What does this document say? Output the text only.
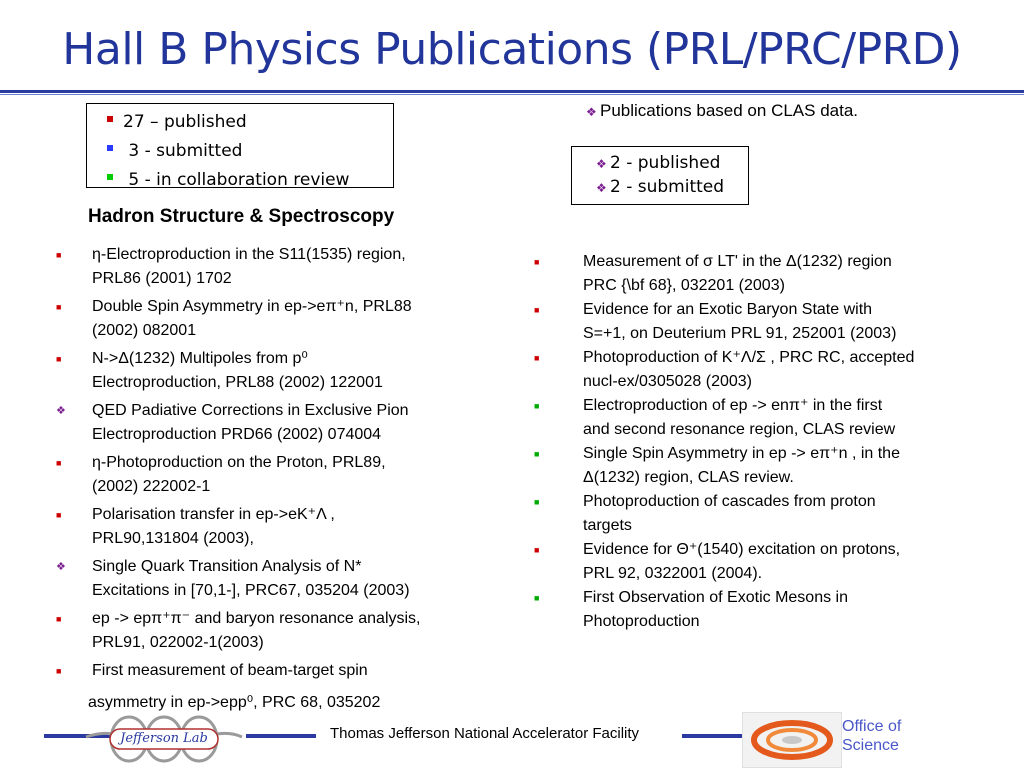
Hall B Physics Publications (PRL/PRC/PRD)
27 – published
3 - submitted
5 - in collaboration review
❖ Publications based on CLAS data.
❖ 2 - published
❖ 2 - submitted
Hadron Structure & Spectroscopy
■ η-Electroproduction in the S11(1535) region,
PRL86 (2001) 1702
■ Double Spin Asymmetry in ep->eπ⁺n, PRL88
(2002) 082001
■ N->Δ(1232) Multipoles from p⁰
Electroproduction, PRL88 (2002) 122001
❖ QED Padiative Corrections in Exclusive Pion
Electroproduction PRD66 (2002) 074004
■ η-Photoproduction on the Proton, PRL89,
(2002) 222002-1
■ Polarisation transfer in ep->eK⁺Λ ,
PRL90,131804 (2003),
❖ Single Quark Transition Analysis of N*
Excitations in [70,1-], PRC67, 035204 (2003)
■ ep -> epπ⁺π⁻ and baryon resonance analysis,
PRL91, 022002-1(2003)
■ First measurement of beam-target spin
asymmetry in ep->epp⁰, PRC 68, 035202
■	Measurement of σ LT' in the Δ(1232) region
PRC {\bf 68}, 032201 (2003)
■	Evidence for an Exotic Baryon State with
S=+1, on Deuterium PRL 91, 252001 (2003)
■	Photoproduction of K⁺Λ/Σ , PRC RC, accepted
nucl-ex/0305028 (2003)
■	Electroproduction of ep -> enπ⁺ in the first
and second resonance region, CLAS review
■	Single Spin Asymmetry in ep -> eπ⁺n , in the
Δ(1232) region, CLAS review.
■	Photoproduction of cascades from proton
targets
■	Evidence for Θ⁺(1540) excitation on protons,
PRL 92, 0322001 (2004).
■	First Observation of Exotic Mesons in
Photoproduction
Jefferson Lab	Thomas Jefferson National Accelerator Facility	Office of
Science
